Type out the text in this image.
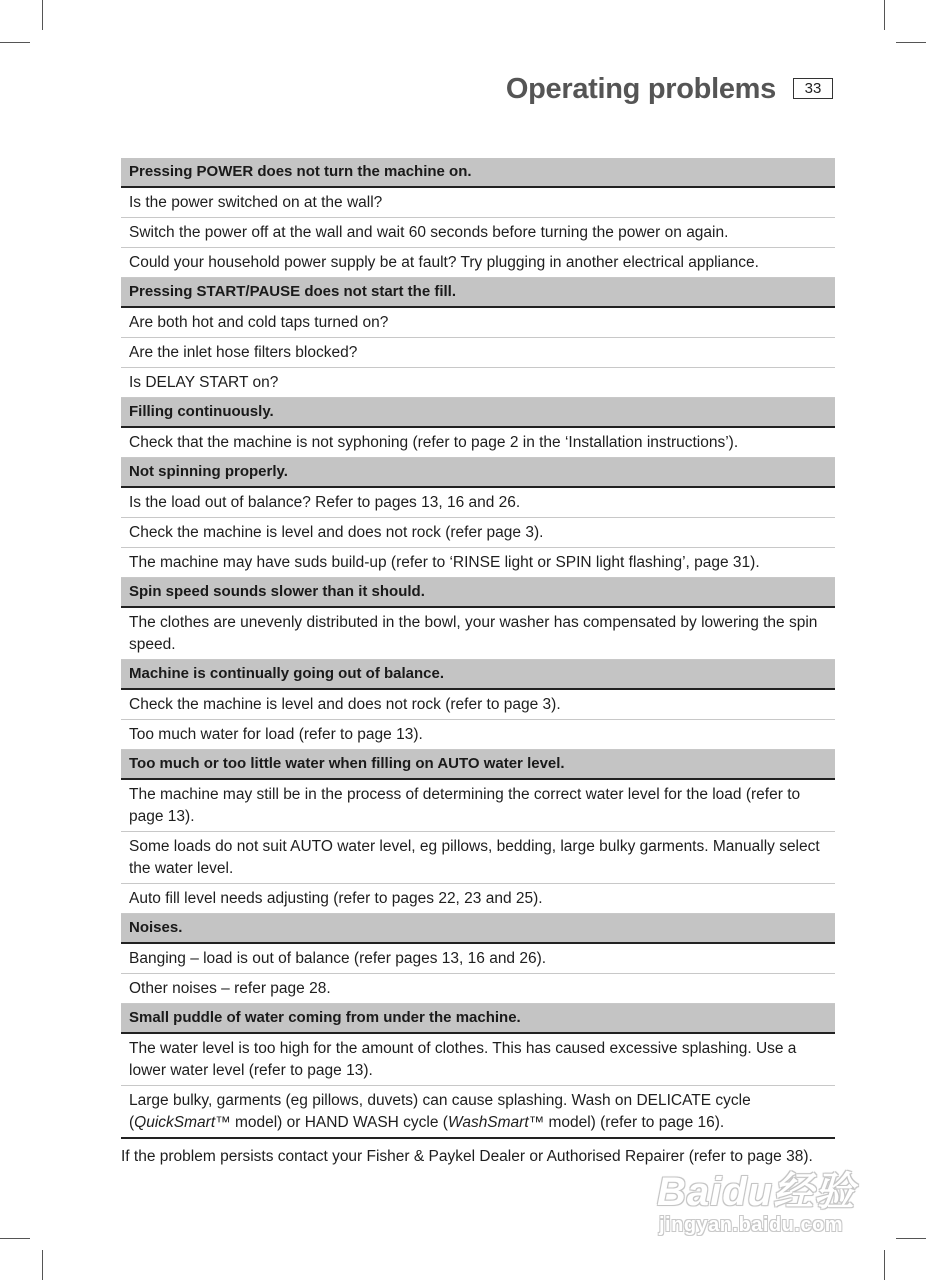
Operating problems	33
Pressing POWER does not turn the machine on.
Is the power switched on at the wall?
Switch the power off at the wall and wait 60 seconds before turning the power on again.
Could your household power supply be at fault? Try plugging in another electrical appliance.
Pressing START/PAUSE does not start the fill.
Are both hot and cold taps turned on?
Are the inlet hose filters blocked?
Is DELAY START on?
Filling continuously.
Check that the machine is not syphoning (refer to page 2 in the ‘Installation instructions’).
Not spinning properly.
Is the load out of balance? Refer to pages 13, 16 and 26.
Check the machine is level and does not rock (refer page 3).
The machine may have suds build-up (refer to ‘RINSE light or SPIN light flashing’, page 31).
Spin speed sounds slower than it should.
The clothes are unevenly distributed in the bowl, your washer has compensated by lowering the spin speed.
Machine is continually going out of balance.
Check the machine is level and does not rock (refer to page 3).
Too much water for load (refer to page 13).
Too much or too little water when filling on AUTO water level.
The machine may still be in the process of determining the correct water level for the load (refer to page 13).
Some loads do not suit AUTO water level, eg pillows, bedding, large bulky garments. Manually select the water level.
Auto fill level needs adjusting (refer to pages 22, 23 and 25).
Noises.
Banging – load is out of balance (refer pages 13, 16 and 26).
Other noises – refer page 28.
Small puddle of water coming from under the machine.
The water level is too high for the amount of clothes. This has caused excessive splashing. Use a lower water level (refer to page 13).
Large bulky, garments (eg pillows, duvets) can cause splashing. Wash on DELICATE cycle (QuickSmart™ model) or HAND WASH cycle (WashSmart™ model) (refer to page 16).
If the problem persists contact your Fisher & Paykel Dealer or Authorised Repairer (refer to page 38).
Baidu经验
jingyan.baidu.com
